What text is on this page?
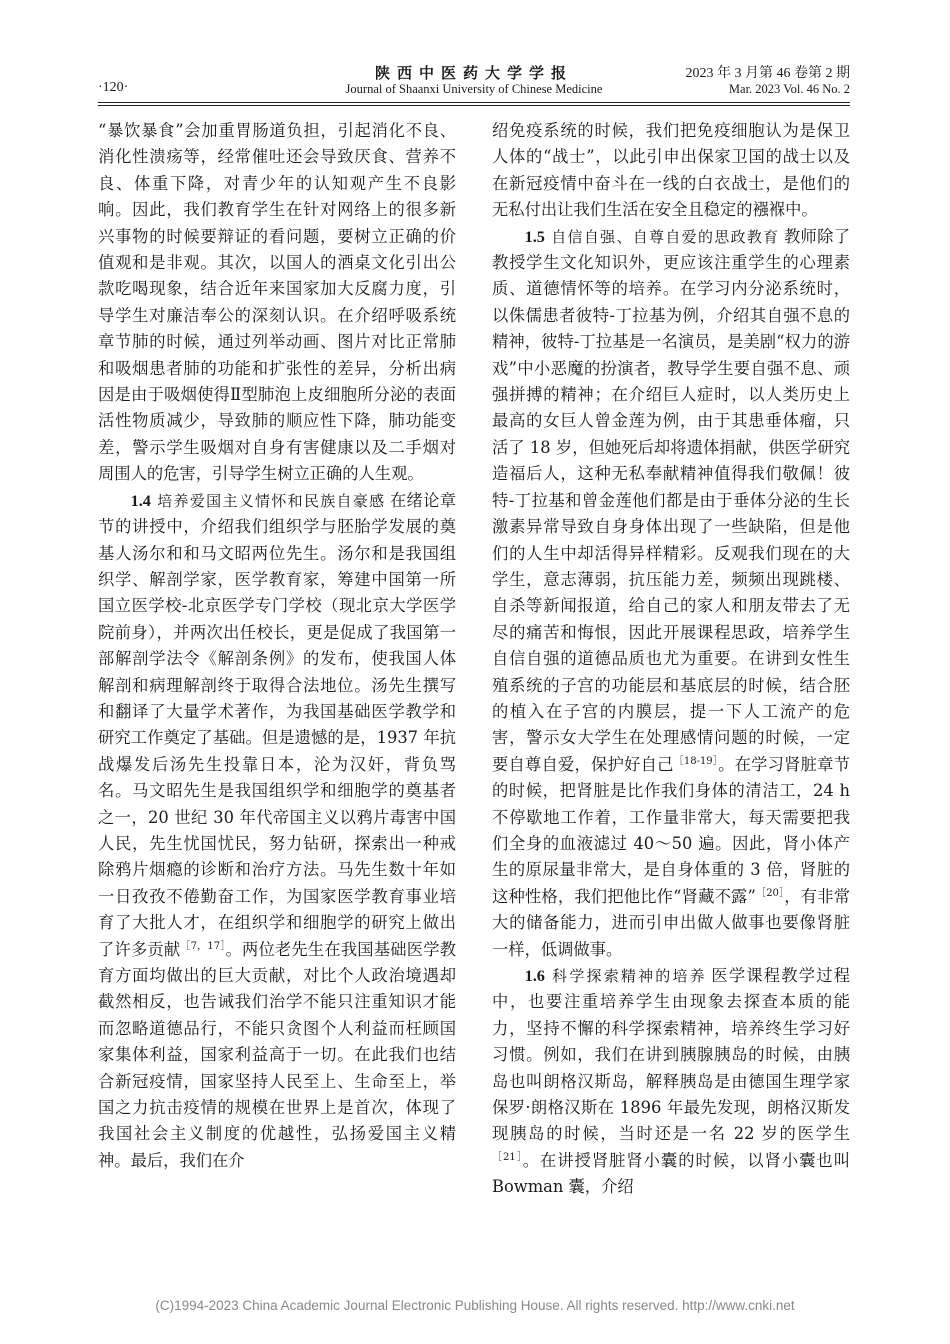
·120·
陕西中医药大学学报
Journal of Shaanxi University of Chinese Medicine
2023 年 3 月第 46 卷第 2 期
Mar. 2023 Vol. 46 No. 2

“暴饮暴食”会加重胃肠道负担，引起消化不良、消化性溃疡等，经常催吐还会导致厌食、营养不良、体重下降，对青少年的认知观产生不良影响。因此，我们教育学生在针对网络上的很多新兴事物的时候要辩证的看问题，要树立正确的价值观和是非观。其次，以国人的酒桌文化引出公款吃喝现象，结合近年来国家加大反腐力度，引导学生对廉洁奉公的深刻认识。在介绍呼吸系统章节肺的时候，通过列举动画、图片对比正常肺和吸烟患者肺的功能和扩张性的差异，分析出病因是由于吸烟使得Ⅱ型肺泡上皮细胞所分泌的表面活性物质减少，导致肺的顺应性下降，肺功能变差，警示学生吸烟对自身有害健康以及二手烟对周围人的危害，引导学生树立正确的人生观。

1.4 培养爱国主义情怀和民族自豪感 在绪论章节的讲授中，介绍我们组织学与胚胎学发展的奠基人汤尔和和马文昭两位先生。汤尔和是我国组织学、解剖学家，医学教育家，筹建中国第一所国立医学校-北京医学专门学校（现北京大学医学院前身），并两次出任校长，更是促成了我国第一部解剖学法令《解剖条例》的发布，使我国人体解剖和病理解剖终于取得合法地位。汤先生撰写和翻译了大量学术著作，为我国基础医学教学和研究工作奠定了基础。但是遗憾的是，1937 年抗战爆发后汤先生投靠日本，沦为汉奸，背负骂名。马文昭先生是我国组织学和细胞学的奠基者之一，20 世纪 30 年代帝国主义以鸦片毒害中国人民，先生忧国忧民，努力钻研，探索出一种戒除鸦片烟瘾的诊断和治疗方法。马先生数十年如一日孜孜不倦勤奋工作，为国家医学教育事业培育了大批人才，在组织学和细胞学的研究上做出了许多贡献$^{[7,17]}$。两位老先生在我国基础医学教育方面均做出的巨大贡献，对比个人政治境遇却截然相反，也告诫我们治学不能只注重知识才能而忽略道德品行，不能只贪图个人利益而枉顾国家集体利益，国家利益高于一切。在此我们也结合新冠疫情，国家坚持人民至上、生命至上，举国之力抗击疫情的规模在世界上是首次，体现了我国社会主义制度的优越性，弘扬爱国主义精神。最后，我们在介

绍免疫系统的时候，我们把免疫细胞认为是保卫人体的“战士”，以此引申出保家卫国的战士以及在新冠疫情中奋斗在一线的白衣战士，是他们的无私付出让我们生活在安全且稳定的襁褓中。

1.5 自信自强、自尊自爱的思政教育 教师除了教授学生文化知识外，更应该注重学生的心理素质、道德情怀等的培养。在学习内分泌系统时，以侏儒患者彼特-丁拉基为例，介绍其自强不息的精神，彼特-丁拉基是一名演员，是美剧“权力的游戏”中小恶魔的扮演者，教导学生要自强不息、顽强拼搏的精神；在介绍巨人症时，以人类历史上最高的女巨人曾金莲为例，由于其患垂体瘤，只活了 18 岁，但她死后却将遗体捐献，供医学研究造福后人，这种无私奉献精神值得我们敬佩！彼特-丁拉基和曾金莲他们都是由于垂体分泌的生长激素异常导致自身身体出现了一些缺陷，但是他们的人生中却活得异样精彩。反观我们现在的大学生，意志薄弱，抗压能力差，频频出现跳楼、自杀等新闻报道，给自己的家人和朋友带去了无尽的痛苦和悔恨，因此开展课程思政，培养学生自信自强的道德品质也尤为重要。在讲到女性生殖系统的子宫的功能层和基底层的时候，结合胚的植入在子宫的内膜层，提一下人工流产的危害，警示女大学生在处理感情问题的时候，一定要自尊自爱，保护好自己$^{[18-19]}$。在学习肾脏章节的时候，把肾脏是比作我们身体的清洁工，24 h 不停歇地工作着，工作量非常大，每天需要把我们全身的血液滤过 40～50 遍。因此，肾小体产生的原尿量非常大，是自身体重的 3 倍，肾脏的这种性格，我们把他比作“肾藏不露”$^{[20]}$，有非常大的储备能力，进而引申出做人做事也要像肾脏一样，低调做事。

1.6 科学探索精神的培养 医学课程教学过程中，也要注重培养学生由现象去探查本质的能力，坚持不懈的科学探索精神，培养终生学习好习惯。例如，我们在讲到胰腺胰岛的时候，由胰岛也叫朗格汉斯岛，解释胰岛是由德国生理学家保罗·朗格汉斯在 1896 年最先发现，朗格汉斯发现胰岛的时候，当时还是一名 22 岁的医学生$^{[21]}$。在讲授肾脏肾小囊的时候，以肾小囊也叫 Bowman 囊，介绍

(C)1994-2023 China Academic Journal Electronic Publishing House. All rights reserved. http://www.cnki.net
